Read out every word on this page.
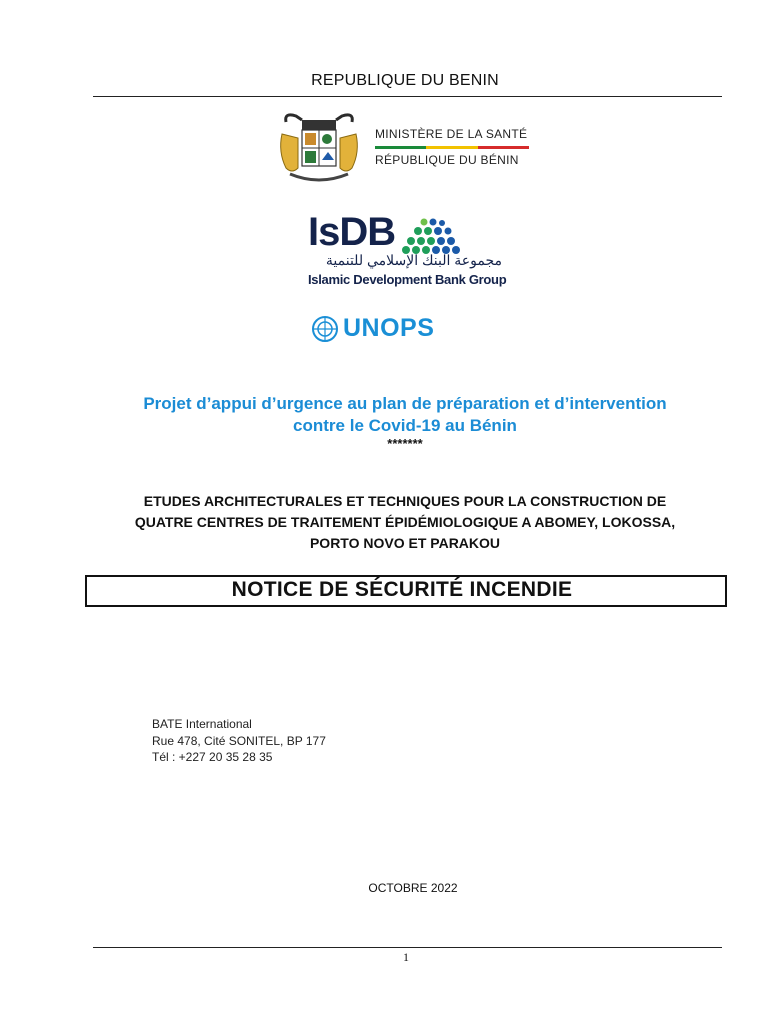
REPUBLIQUE DU BENIN
MINISTÈRE DE LA SANTÉ
RÉPUBLIQUE DU BÉNIN
IsDB
مجموعة البنك الإسلامي للتنمية
Islamic Development Bank Group
UNOPS
Projet d’appui d’urgence au plan de préparation et d’intervention
contre le Covid-19 au Bénin
*******
ETUDES ARCHITECTURALES ET TECHNIQUES POUR LA CONSTRUCTION DE
QUATRE CENTRES DE TRAITEMENT ÉPIDÉMIOLOGIQUE A ABOMEY, LOKOSSA,
PORTO NOVO ET PARAKOU
NOTICE DE SÉCURITÉ INCENDIE
BATE International
Rue 478, Cité SONITEL, BP 177
Tél : +227 20 35 28 35
OCTOBRE 2022
1
